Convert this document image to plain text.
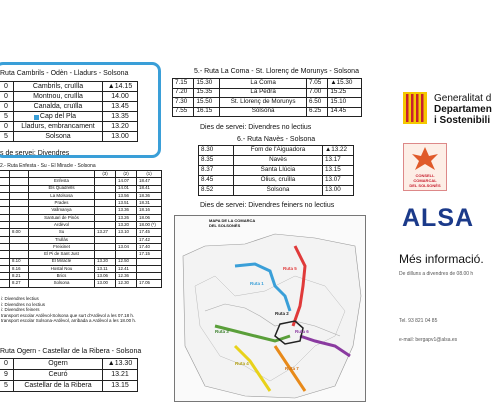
Ruta Cambrils - Odèn - Lladurs - Solsona
0	Cambrils, cruïlla	▲14.15
0	Montnou, cruïlla	14.00
0	Canalda, cruïlla	13.45
5	Cap del Pla	13.35
0	Lladurs, embrancament	13.20
5	Solsona	13.00
s de servei: Divendres
2.- Ruta Enfesta - Su - El Miracle - Solsona
			(3)	(2)	(1)
		Enfesta		14.07	18.47
		Els Quadrells		14.01	18.41
		La Molsosa		13.56	18.36
		Prades		13.51	18.31
		Vallmanya		13.36	18.16
		Santuari de Pinós		13.26	18.06
		Ardèvol		13.20	18.00 (*)
	8.00	Su	13.27	13.10	17.45
		Trullàs			17.42
		Freixinet		13.04	17.40
		El Pi de Sant Just			17.15
	8.10	El Miracle	13.20	12.50	
	8.16	Hostal Nou	13.11	12.41	
	8.21	Brics	13.06	12.36	
	8.27	Solsona	13.00	12.30	17.05
i: Divendres lectius
i: Divendres no lectius
i: Divendres feiners
transport escolar Ardèvol-Solsona que surt d'Ardèvol a les 07.18 h.
transport escolar Solsona-Ardèvol, arribada a Ardèvol a les 18.00 h.
Ruta Ogern - Castellar de la Ribera - Solsona
0	Ogern	▲13.30
9	Ceuró	13.21
5	Castellar de la Ribera	13.15
5.- Ruta La Coma - St. Llorenç de Morunys - Solsona
7.15	15.30	La Coma	7.05	▲15.30
7.20	15.35	La Pedra	7.00	15.25
7.30	15.50	St. Llorenç de Morunys	6.50	15.10
7.55	16.15	Solsona	6.25	14.45
Dies de servei: Divendres no lectius
6.- Ruta Navès - Solsona
8.30	Fom de l'Aiguadora	▲13.22
8.35	Navès	13.17
8.37	Santa Llúcia	13.15
8.45	Olius, cruïlla	13.07
8.52	Solsona	13.00
Dies de servei: Divendres feiners no lectius
MAPA DE LA COMARCA
DEL SOLSONÈS
Ruta 5
Ruta 1
Ruta 3	Ruta 6
Ruta 4
Ruta 7
Ruta 2
Generalitat d
Departamen
i Sostenibili
CONSELL
COMARCAL
DEL SOLSONÈS
ALSA
Més informació.
De dilluns a divendres de 08.00 h
Tel. 93 821 04 85
e-mail: bergapv1@alsa.es
